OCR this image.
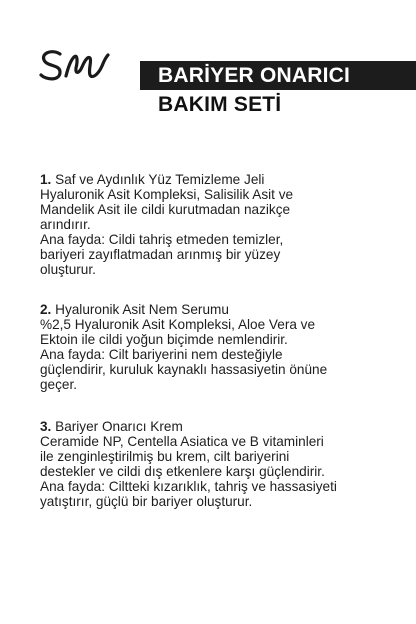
BARİYER ONARICI
BAKIM SETİ

1. Saf ve Aydınlık Yüz Temizleme Jeli

Hyaluronik Asit Kompleksi, Salisilik Asit ve

Mandelik Asit ile cildi kurutmadan nazikçe

arındırır.

Ana fayda: Cildi tahriş etmeden temizler,

bariyeri zayıflatmadan arınmış bir yüzey

oluşturur.

2. Hyaluronik Asit Nem Serumu

%2,5 Hyaluronik Asit Kompleksi, Aloe Vera ve

Ektoin ile cildi yoğun biçimde nemlendirir.

Ana fayda: Cilt bariyerini nem desteğiyle

güçlendirir, kuruluk kaynaklı hassasiyetin önüne

geçer.

3. Bariyer Onarıcı Krem

Ceramide NP, Centella Asiatica ve B vitaminleri

ile zenginleştirilmiş bu krem, cilt bariyerini

destekler ve cildi dış etkenlere karşı güçlendirir.

Ana fayda: Ciltteki kızarıklık, tahriş ve hassasiyeti

yatıştırır, güçlü bir bariyer oluşturur.
